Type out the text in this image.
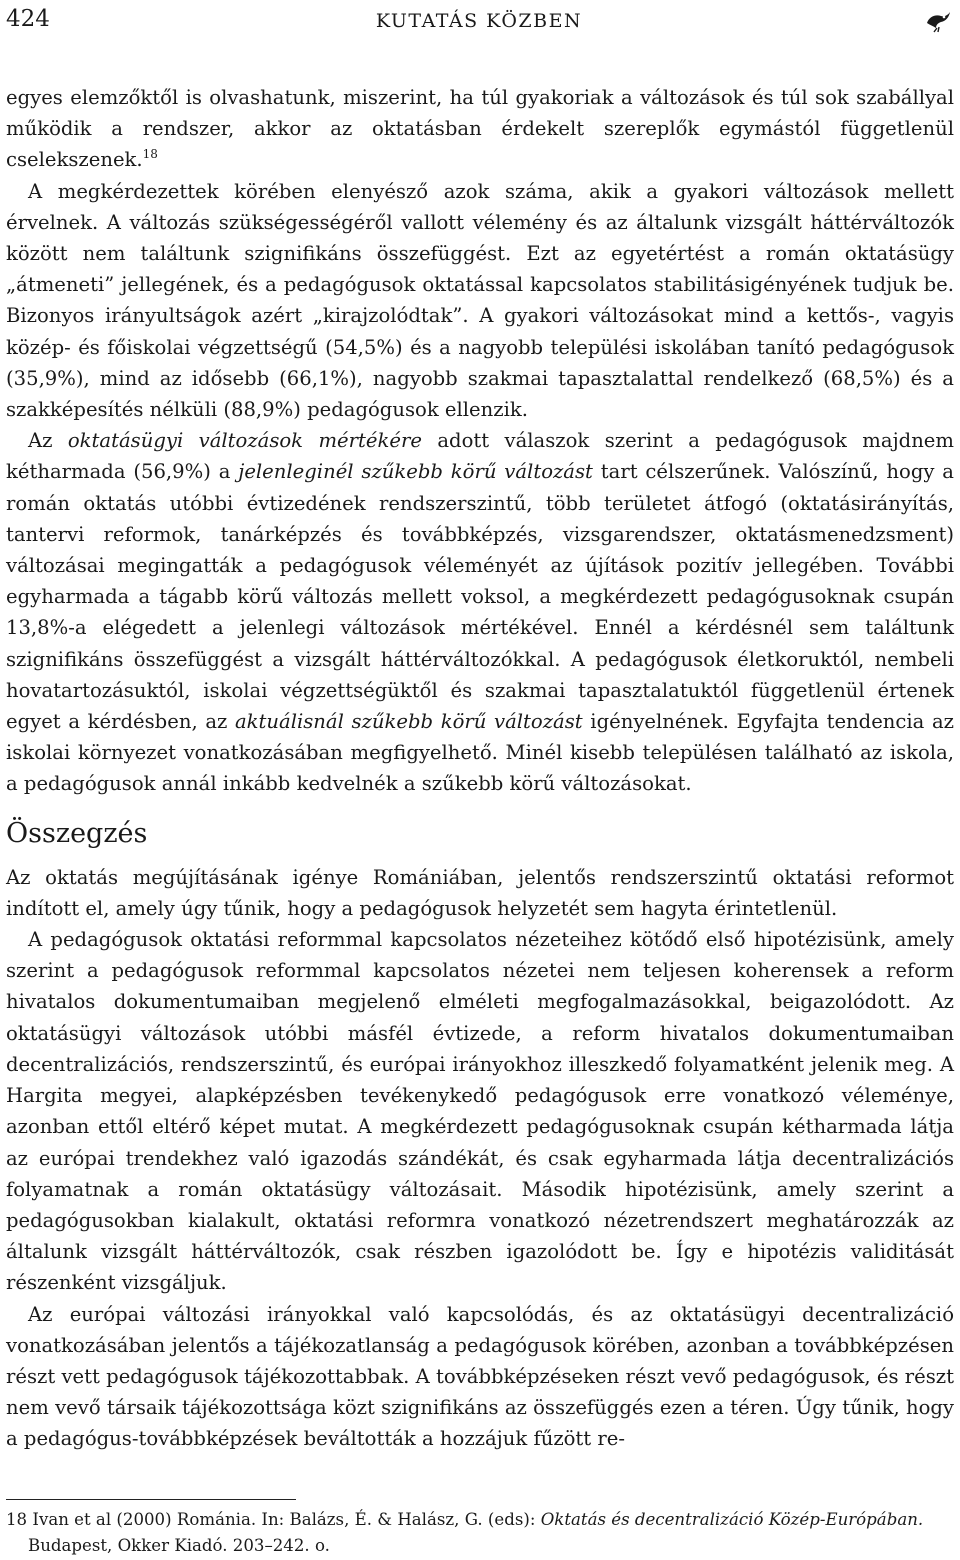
424	KUTATÁS KÖZBEN

egyes elemzőktől is olvashatunk, miszerint, ha túl gyakoriak a változások és túl sok szabállyal működik a rendszer, akkor az oktatásban érdekelt szereplők egymástól függetlenül cselekszenek.$^{18}$

A megkérdezettek körében elenyésző azok száma, akik a gyakori változások mellett érvelnek. A változás szükségességéről vallott vélemény és az általunk vizsgált háttérváltozók között nem találtunk szignifikáns összefüggést. Ezt az egyetértést a román oktatásügy „átmeneti” jellegének, és a pedagógusok oktatással kapcsolatos stabilitásigényének tudjuk be. Bizonyos irányultságok azért „kirajzolódtak”. A gyakori változásokat mind a kettős-, vagyis közép- és főiskolai végzettségű (54,5%) és a nagyobb települési iskolában tanító pedagógusok (35,9%), mind az idősebb (66,1%), nagyobb szakmai tapasztalattal rendelkező (68,5%) és a szakképesítés nélküli (88,9%) pedagógusok ellenzik.

Az oktatásügyi változások mértékére adott válaszok szerint a pedagógusok majdnem kétharmada (56,9%) a jelenleginél szűkebb körű változást tart célszerűnek. Valószínű, hogy a román oktatás utóbbi évtizedének rendszerszintű, több területet átfogó (oktatásirányítás, tantervi reformok, tanárképzés és továbbképzés, vizsgarendszer, oktatásmenedzsment) változásai megingatták a pedagógusok véleményét az újítások pozitív jellegében. További egyharmada a tágabb körű változás mellett voksol, a megkérdezett pedagógusoknak csupán 13,8%-a elégedett a jelenlegi változások mértékével. Ennél a kérdésnél sem találtunk szignifikáns összefüggést a vizsgált háttérváltozókkal. A pedagógusok életkoruktól, nembeli hovatartozásuktól, iskolai végzettségüktől és szakmai tapasztalatuktól függetlenül értenek egyet a kérdésben, az aktuálisnál szűkebb körű változást igényelnének. Egyfajta tendencia az iskolai környezet vonatkozásában megfigyelhető. Minél kisebb településen található az iskola, a pedagógusok annál inkább kedvelnék a szűkebb körű változásokat.

Összegzés

Az oktatás megújításának igénye Romániában, jelentős rendszerszintű oktatási reformot indított el, amely úgy tűnik, hogy a pedagógusok helyzetét sem hagyta érintetlenül.

A pedagógusok oktatási reformmal kapcsolatos nézeteihez kötődő első hipotézisünk, amely szerint a pedagógusok reformmal kapcsolatos nézetei nem teljesen koherensek a reform hivatalos dokumentumaiban megjelenő elméleti megfogalmazásokkal, beigazolódott. Az oktatásügyi változások utóbbi másfél évtizede, a reform hivatalos dokumentumaiban decentralizációs, rendszerszintű, és európai irányokhoz illeszkedő folyamatként jelenik meg. A Hargita megyei, alapképzésben tevékenykedő pedagógusok erre vonatkozó véleménye, azonban ettől eltérő képet mutat. A megkérdezett pedagógusoknak csupán kétharmada látja az európai trendekhez való igazodás szándékát, és csak egyharmada látja decentralizációs folyamatnak a román oktatásügy változásait. Második hipotézisünk, amely szerint a pedagógusokban kialakult, oktatási reformra vonatkozó nézetrendszert meghatározzák az általunk vizsgált háttérváltozók, csak részben igazolódott be. Így e hipotézis validitását részenként vizsgáljuk.

Az európai változási irányokkal való kapcsolódás, és az oktatásügyi decentralizáció vonatkozásában jelentős a tájékozatlanság a pedagógusok körében, azonban a továbbképzésen részt vett pedagógusok tájékozottabbak. A továbbképzéseken részt vevő pedagógusok, és részt nem vevő társaik tájékozottsága közt szignifikáns az összefüggés ezen a téren. Úgy tűnik, hogy a pedagógus-továbbképzések beváltották a hozzájuk fűzött re-

18 Ivan et al (2000) Románia. In: Balázs, É. & Halász, G. (eds): Oktatás és decentralizáció Közép-Európában.
Budapest, Okker Kiadó. 203–242. o.
